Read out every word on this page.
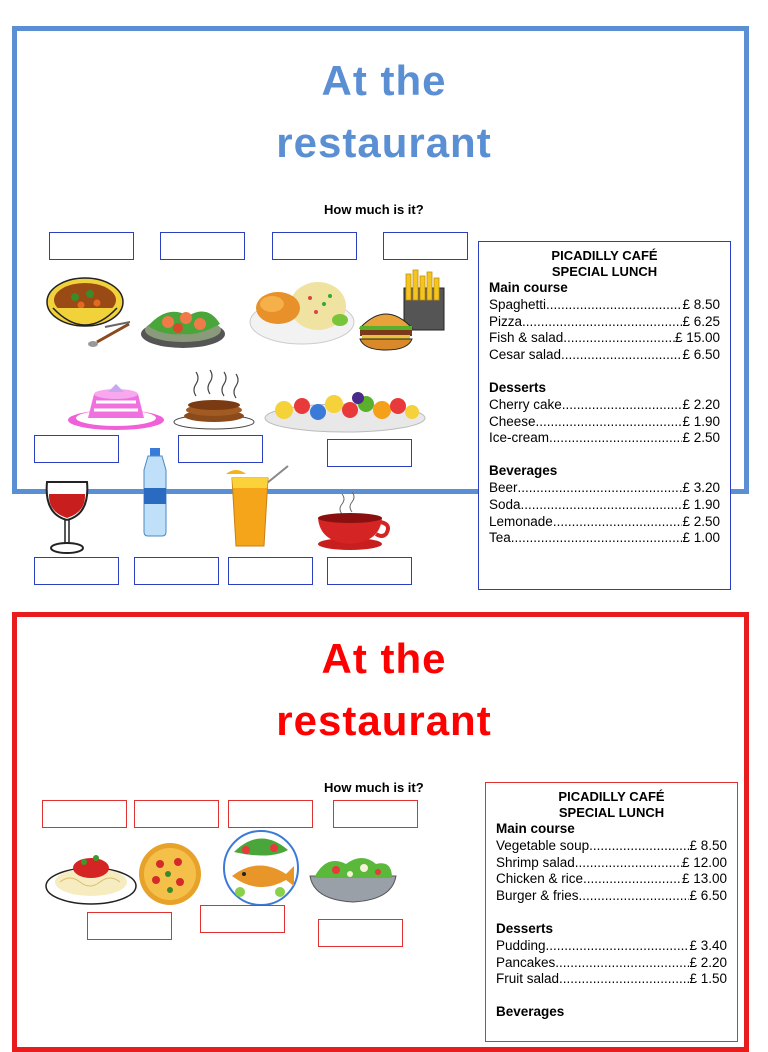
At the
restaurant
How much is it?
PICADILLY CAFÉ
SPECIAL LUNCH
Main course
Spaghetti .....	£ 8.50
Pizza .....	£ 6.25
Fish & salad .....	£ 15.00
Cesar salad .....	£ 6.50
Desserts
Cherry cake .....	£ 2.20
Cheese .....	£ 1.90
Ice-cream .....	£ 2.50
Beverages
Beer .....	£ 3.20
Soda .....	£ 1.90
Lemonade .....	£ 2.50
Tea .....	£ 1.00
At the
restaurant
How much is it?
PICADILLY CAFÉ
SPECIAL LUNCH
Main course
Vegetable soup .....	£ 8.50
Shrimp salad .....	£ 12.00
Chicken & rice .....	£ 13.00
Burger & fries .....	£ 6.50
Desserts
Pudding .....	£ 3.40
Pancakes .....	£ 2.20
Fruit salad .....	£ 1.50
Beverages
